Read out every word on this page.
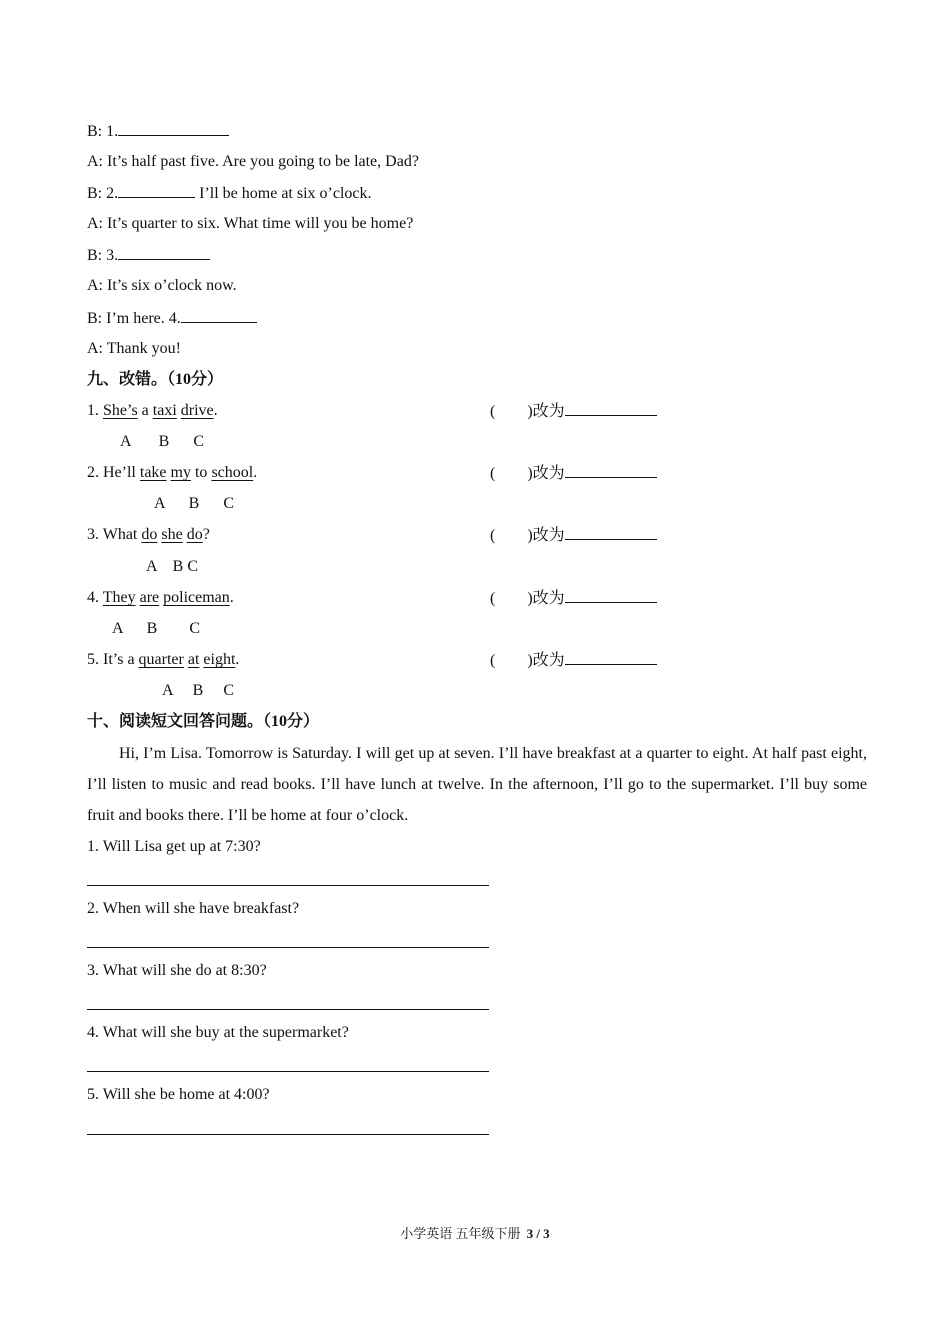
B: 1.
A: It’s half past five. Are you going to be late, Dad?
B: 2.	I’ll be home at six o’clock.
A: It’s quarter to six. What time will you be home?
B: 3.
A: It’s six o’clock now.
B: I’m here. 4.
A: Thank you!
九、改错。（10分）
1. She’s a taxi drive.	(        )改为
A       B      C
2. He’ll take my to school.	(        )改为
A      B      C
3. What do she do?	(        )改为
A    B C
4. They are policeman.	(        )改为
A      B        C
5. It’s a quarter at eight.	(        )改为
A     B     C
十、阅读短文回答问题。（10分）
Hi, I’m Lisa. Tomorrow is Saturday. I will get up at seven. I’ll have breakfast at a quarter to eight. At half past eight, I’ll listen to music and read books. I’ll have lunch at twelve. In the afternoon, I’ll go to the supermarket. I’ll buy some fruit and books there. I’ll be home at four o’clock.
1. Will Lisa get up at 7:30?
2. When will she have breakfast?
3. What will she do at 8:30?
4. What will she buy at the supermarket?
5. Will she be home at 4:00?
小学英语 五年级下册 3 / 3
